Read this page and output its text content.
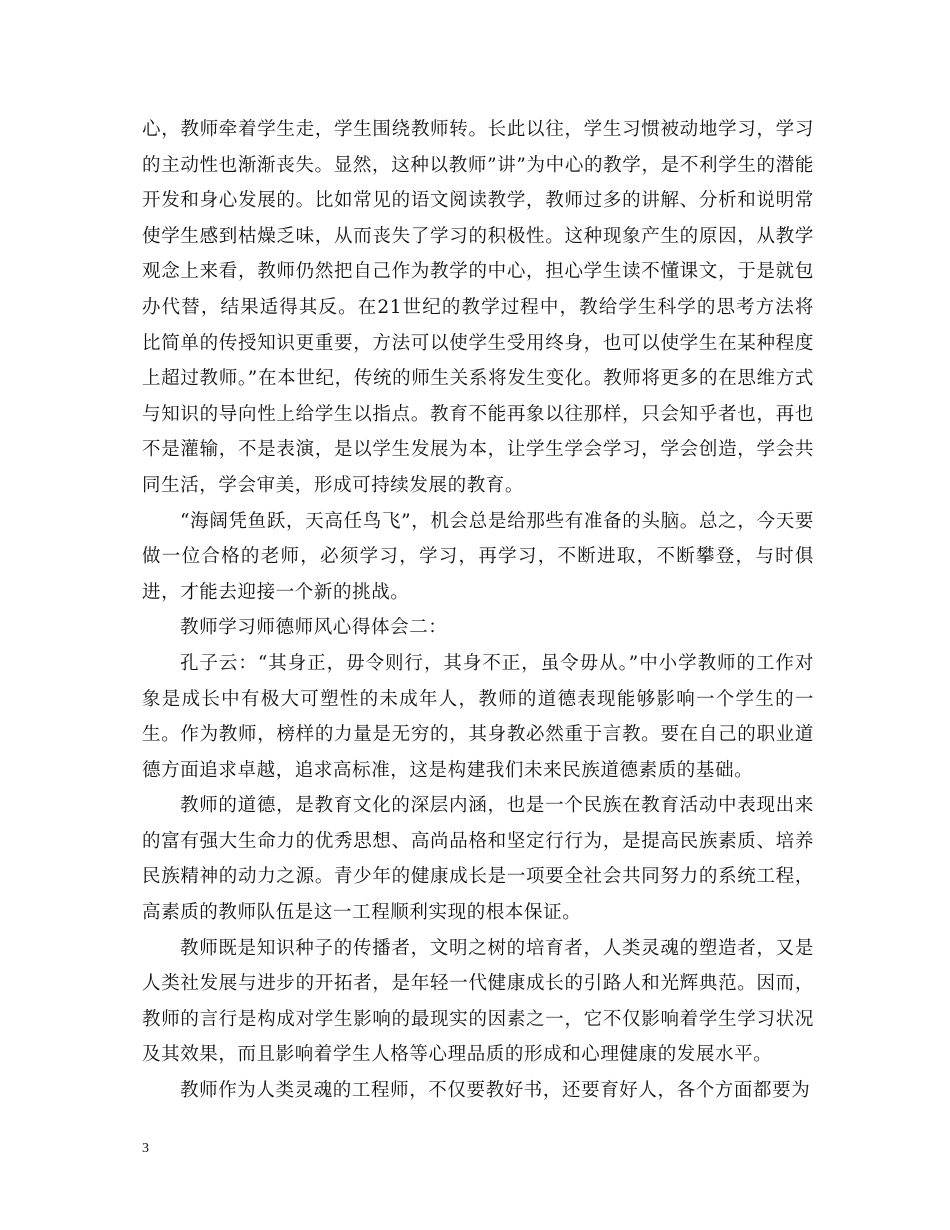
心，教师牵着学生走，学生围绕教师转。长此以往，学生习惯被动地学习，学习的主动性也渐渐丧失。显然，这种以教师”讲”为中心的教学，是不利学生的潜能开发和身心发展的。比如常见的语文阅读教学，教师过多的讲解、分析和说明常使学生感到枯燥乏味，从而丧失了学习的积极性。这种现象产生的原因，从教学观念上来看，教师仍然把自己作为教学的中心，担心学生读不懂课文，于是就包办代替，结果适得其反。在21世纪的教学过程中，教给学生科学的思考方法将比简单的传授知识更重要，方法可以使学生受用终身，也可以使学生在某种程度上超过教师。”在本世纪，传统的师生关系将发生变化。教师将更多的在思维方式与知识的导向性上给学生以指点。教育不能再象以往那样，只会知乎者也，再也不是灌输，不是表演，是以学生发展为本，让学生学会学习，学会创造，学会共同生活，学会审美，形成可持续发展的教育。

“海阔凭鱼跃，天高任鸟飞”，机会总是给那些有准备的头脑。总之，今天要做一位合格的老师，必须学习，学习，再学习，不断进取，不断攀登，与时俱进，才能去迎接一个新的挑战。

教师学习师德师风心得体会二：

孔子云：“其身正，毋令则行，其身不正，虽令毋从。”中小学教师的工作对象是成长中有极大可塑性的未成年人，教师的道德表现能够影响一个学生的一生。作为教师，榜样的力量是无穷的，其身教必然重于言教。要在自己的职业道德方面追求卓越，追求高标准，这是构建我们未来民族道德素质的基础。

教师的道德，是教育文化的深层内涵，也是一个民族在教育活动中表现出来的富有强大生命力的优秀思想、高尚品格和坚定行行为，是提高民族素质、培养民族精神的动力之源。青少年的健康成长是一项要全社会共同努力的系统工程，高素质的教师队伍是这一工程顺利实现的根本保证。

教师既是知识种子的传播者，文明之树的培育者，人类灵魂的塑造者，又是人类社发展与进步的开拓者，是年轻一代健康成长的引路人和光辉典范。因而，教师的言行是构成对学生影响的最现实的因素之一，它不仅影响着学生学习状况及其效果，而且影响着学生人格等心理品质的形成和心理健康的发展水平。

教师作为人类灵魂的工程师，不仅要教好书，还要育好人，各个方面都要为

3
